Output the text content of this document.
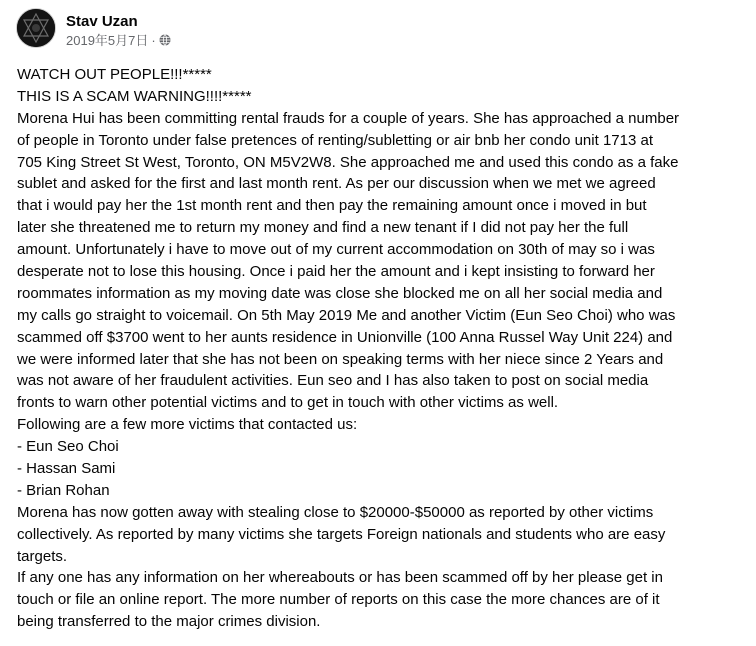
Stav Uzan
2019年5月7日 ·
WATCH OUT PEOPLE!!!*****
THIS IS A SCAM WARNING!!!!*****
Morena Hui has been committing rental frauds for a couple of years. She has approached a number
of people in Toronto under false pretences of renting/subletting or air bnb her condo unit 1713 at
705 King Street St West, Toronto, ON M5V2W8. She approached me and used this condo as a fake
sublet and asked for the first and last month rent. As per our discussion when we met we agreed
that i would pay her the 1st month rent and then pay the remaining amount once i moved in but
later she threatened me to return my money and find a new tenant if I did not pay her the full
amount. Unfortunately i have to move out of my current accommodation on 30th of may so i was
desperate not to lose this housing. Once i paid her the amount and i kept insisting to forward her
roommates information as my moving date was close she blocked me on all her social media and
my calls go straight to voicemail. On 5th May 2019 Me and another Victim (Eun Seo Choi) who was
scammed off $3700 went to her aunts residence in Unionville (100 Anna Russel Way Unit 224) and
we were informed later that she has not been on speaking terms with her niece since 2 Years and
was not aware of her fraudulent activities. Eun seo and I has also taken to post on social media
fronts to warn other potential victims and to get in touch with other victims as well.
Following are a few more victims that contacted us:
- Eun Seo Choi
- Hassan Sami
- Brian Rohan
Morena has now gotten away with stealing close to $20000-$50000 as reported by other victims
collectively. As reported by many victims she targets Foreign nationals and students who are easy
targets.
If any one has any information on her whereabouts or has been scammed off by her please get in
touch or file an online report. The more number of reports on this case the more chances are of it
being transferred to the major crimes division.
